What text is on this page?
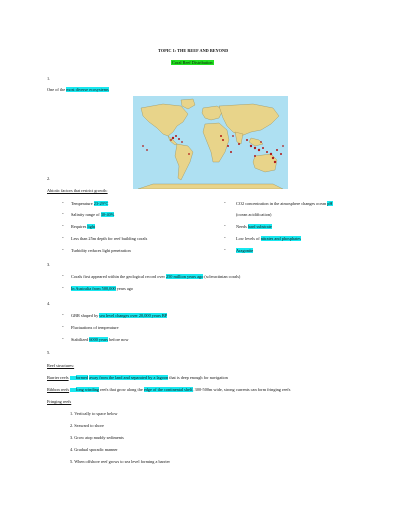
TOPIC 1: THE REEF AND BEYOND
Coral Reef Distribution
1.
One of the most diverse ecosystems
2.
Abiotic factors that restrict growth:
- Temperature 23-29°C
- Salinity range of 30-40%
- Requires light
- Less than 25m depth for reef building corals
- Turbidity reduces light penetration
- CO2 concentration in the atmosphere changes ocean pH
(ocean acidification)
- Needs hard substrate
- Low levels of nitrates and phosphates
- Aragonite
3.
- Corals first appeared within the geological record over 250 million years ago (scleractinian corals)
- In Australia from 500,000 years ago
4.
- GBR shaped by sea level changes over 20,000 years BP
- Fluctuations of temperature
- Stabilized 6000 years before now
5.
Reef structures:
Barrier reefs formed away from the land and separated by a lagoon that is deep enough for navigation
Ribbon reefs long winding reefs that grow along the edge of the continental shelf, 300-500m wide, strong currents can form fringing reefs
Fringing reefs
1. Vertically to space below
2. Seaward to shore
3. Grow atop muddy sediments
4. Gradual sporadic manner
5. When offshore reef grows to sea level forming a barrier
